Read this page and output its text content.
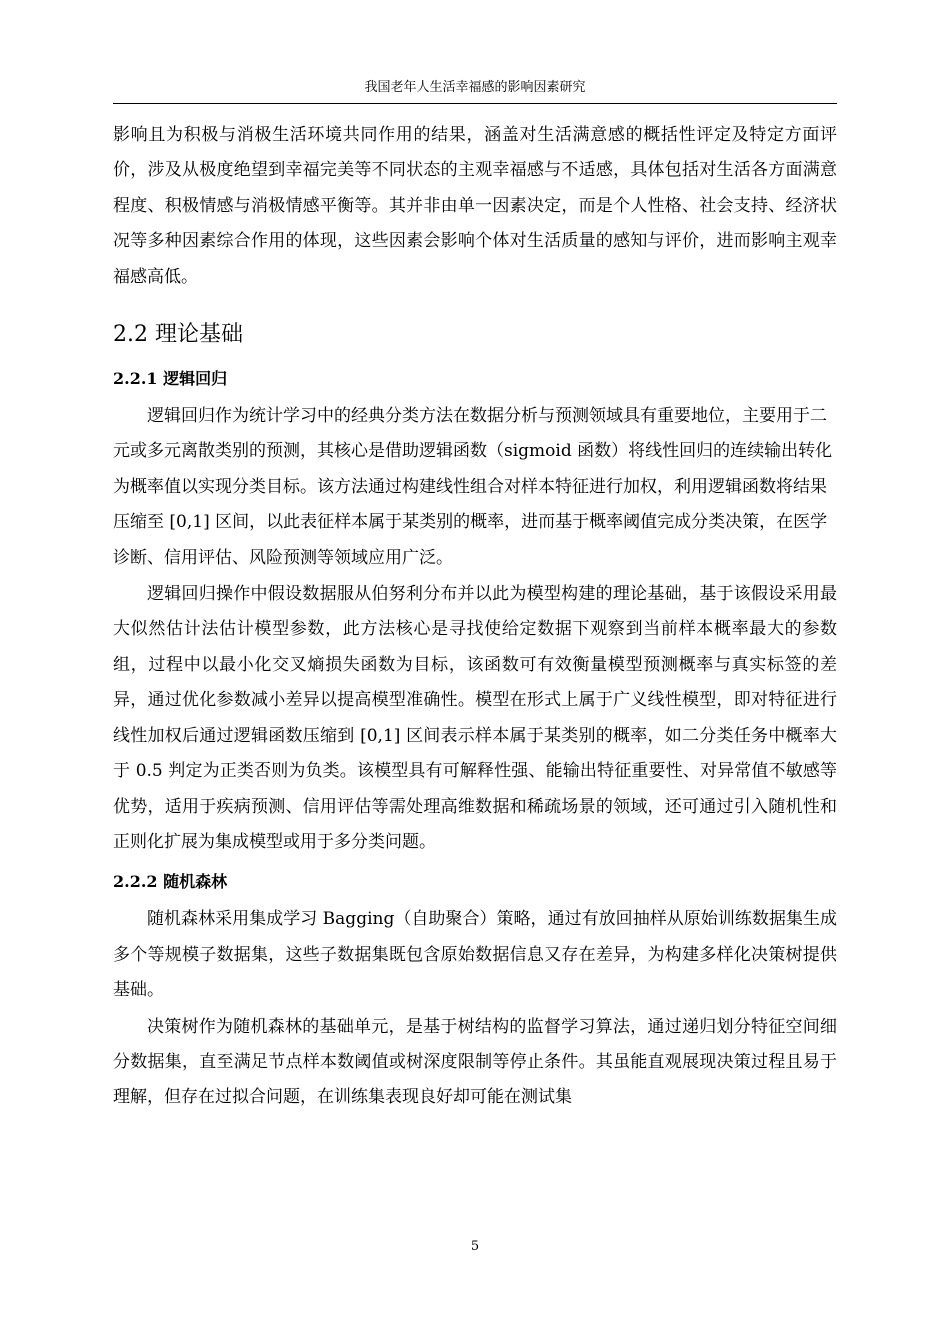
我国老年人生活幸福感的影响因素研究

影响且为积极与消极生活环境共同作用的结果，涵盖对生活满意感的概括性评定及特定方面评价，涉及从极度绝望到幸福完美等不同状态的主观幸福感与不适感，具体包括对生活各方面满意程度、积极情感与消极情感平衡等。其并非由单一因素决定，而是个人性格、社会支持、经济状况等多种因素综合作用的体现，这些因素会影响个体对生活质量的感知与评价，进而影响主观幸福感高低。

2.2 理论基础
2.2.1 逻辑回归

逻辑回归作为统计学习中的经典分类方法在数据分析与预测领域具有重要地位，主要用于二元或多元离散类别的预测，其核心是借助逻辑函数（sigmoid 函数）将线性回归的连续输出转化为概率值以实现分类目标。该方法通过构建线性组合对样本特征进行加权，利用逻辑函数将结果压缩至 [0,1] 区间，以此表征样本属于某类别的概率，进而基于概率阈值完成分类决策，在医学诊断、信用评估、风险预测等领域应用广泛。

逻辑回归操作中假设数据服从伯努利分布并以此为模型构建的理论基础，基于该假设采用最大似然估计法估计模型参数，此方法核心是寻找使给定数据下观察到当前样本概率最大的参数组，过程中以最小化交叉熵损失函数为目标，该函数可有效衡量模型预测概率与真实标签的差异，通过优化参数减小差异以提高模型准确性。模型在形式上属于广义线性模型，即对特征进行线性加权后通过逻辑函数压缩到 [0,1] 区间表示样本属于某类别的概率，如二分类任务中概率大于 0.5 判定为正类否则为负类。该模型具有可解释性强、能输出特征重要性、对异常值不敏感等优势，适用于疾病预测、信用评估等需处理高维数据和稀疏场景的领域，还可通过引入随机性和正则化扩展为集成模型或用于多分类问题。

2.2.2 随机森林

随机森林采用集成学习 Bagging（自助聚合）策略，通过有放回抽样从原始训练数据集生成多个等规模子数据集，这些子数据集既包含原始数据信息又存在差异，为构建多样化决策树提供基础。

决策树作为随机森林的基础单元，是基于树结构的监督学习算法，通过递归划分特征空间细分数据集，直至满足节点样本数阈值或树深度限制等停止条件。其虽能直观展现决策过程且易于理解，但存在过拟合问题，在训练集表现良好却可能在测试集

5
